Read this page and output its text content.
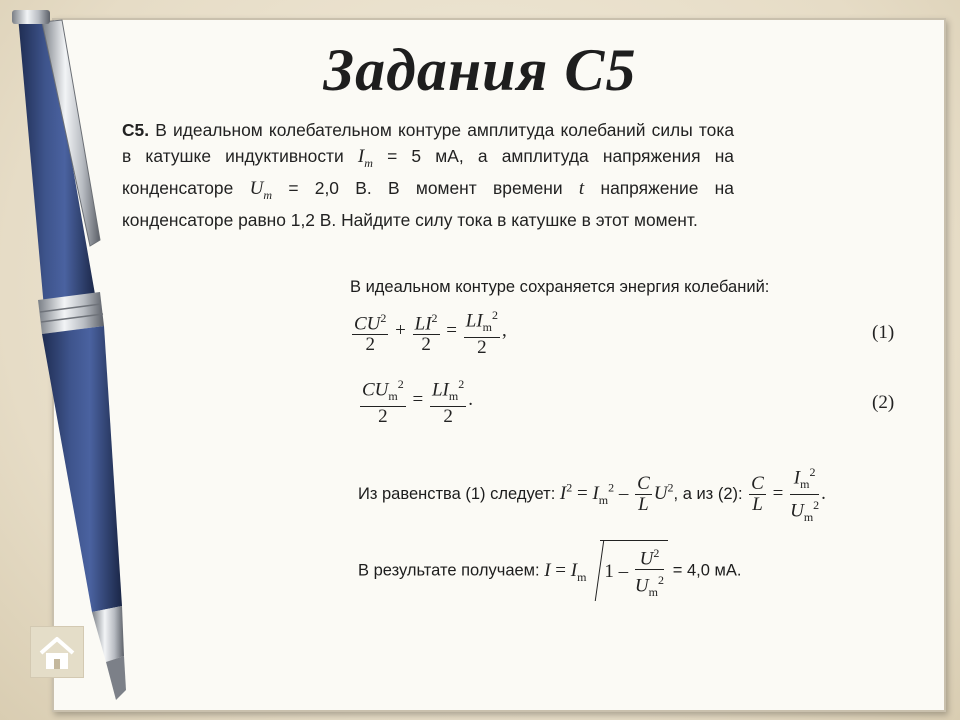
Задания С5
С5. В идеальном колебательном контуре амплитуда колебаний силы тока в катушке индуктивности $I_m = 5$ мА, а амплитуда напряжения на конденсаторе $U_m = 2,0$ В. В момент времени t напряжение на конденсаторе равно 1,2 В. Найдите силу тока в катушке в этот момент.
В идеальном контуре сохраняется энергия колебаний:
$\frac{CU^2}{2} + \frac{LI^2}{2} = \frac{LI_m^2}{2}$ ,	(1)
$\frac{CU_m^2}{2} = \frac{LI_m^2}{2}$ .	(2)
Из равенства (1) следует: $I^2 = I_m^2 - \frac{C}{L} U^2$, а из (2): $\frac{C}{L} = \frac{I_m^2}{U_m^2}$ .
В результате получаем: $I = I_m$ $1 - \frac{U^2}{U_m^2} = 4,0$ мА.
